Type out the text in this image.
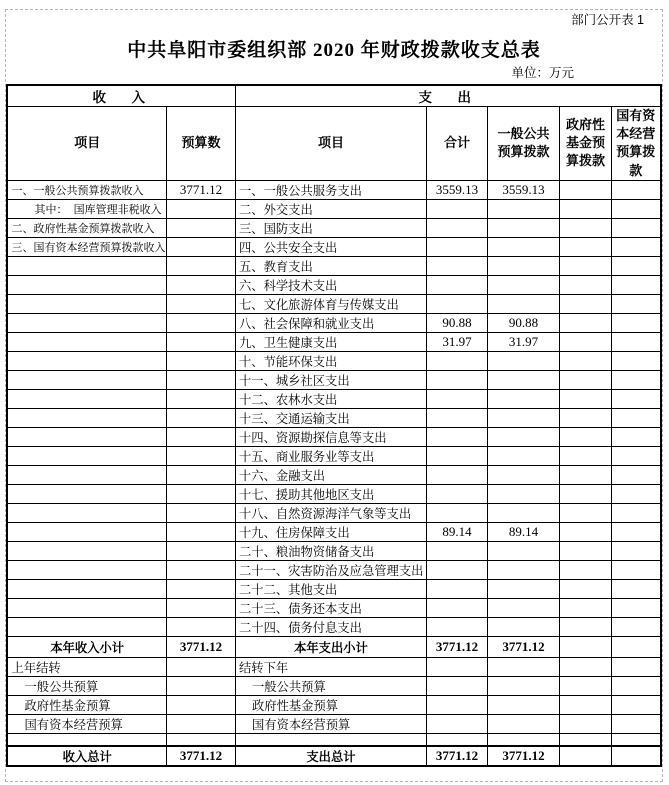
部门公开表 1
中共阜阳市委组织部 2020 年财政拨款收支总表
单位：万元
收　入		支　出				
项目	预算数	项目	合计	一般公共预算拨款	政府性基金预算拨款	国有资本经营预算拨款
一、一般公共预算拨款收入	3771.12	一、一般公共服务支出	3559.13	3559.13		
其中：  国库管理非税收入		二、外交支出				
二、政府性基金预算拨款收入		三、国防支出				
三、国有资本经营预算拨款收入		四、公共安全支出				
		五、教育支出				
		六、科学技术支出				
		七、文化旅游体育与传媒支出				
		八、社会保障和就业支出	90.88	90.88		
		九、卫生健康支出	31.97	31.97		
		十、节能环保支出				
		十一、城乡社区支出				
		十二、农林水支出				
		十三、交通运输支出				
		十四、资源勘探信息等支出				
		十五、商业服务业等支出				
		十六、金融支出				
		十七、援助其他地区支出				
		十八、自然资源海洋气象等支出				
		十九、住房保障支出	89.14	89.14		
		二十、粮油物资储备支出				
		二十一、灾害防治及应急管理支出				
		二十二、其他支出				
		二十三、债务还本支出				
		二十四、债务付息支出				
本年收入小计	3771.12	本年支出小计	3771.12	3771.12		
上年结转		结转下年				
一般公共预算		一般公共预算				
政府性基金预算		政府性基金预算				
国有资本经营预算		国有资本经营预算				

收入总计	3771.12	支出总计	3771.12	3771.12		
